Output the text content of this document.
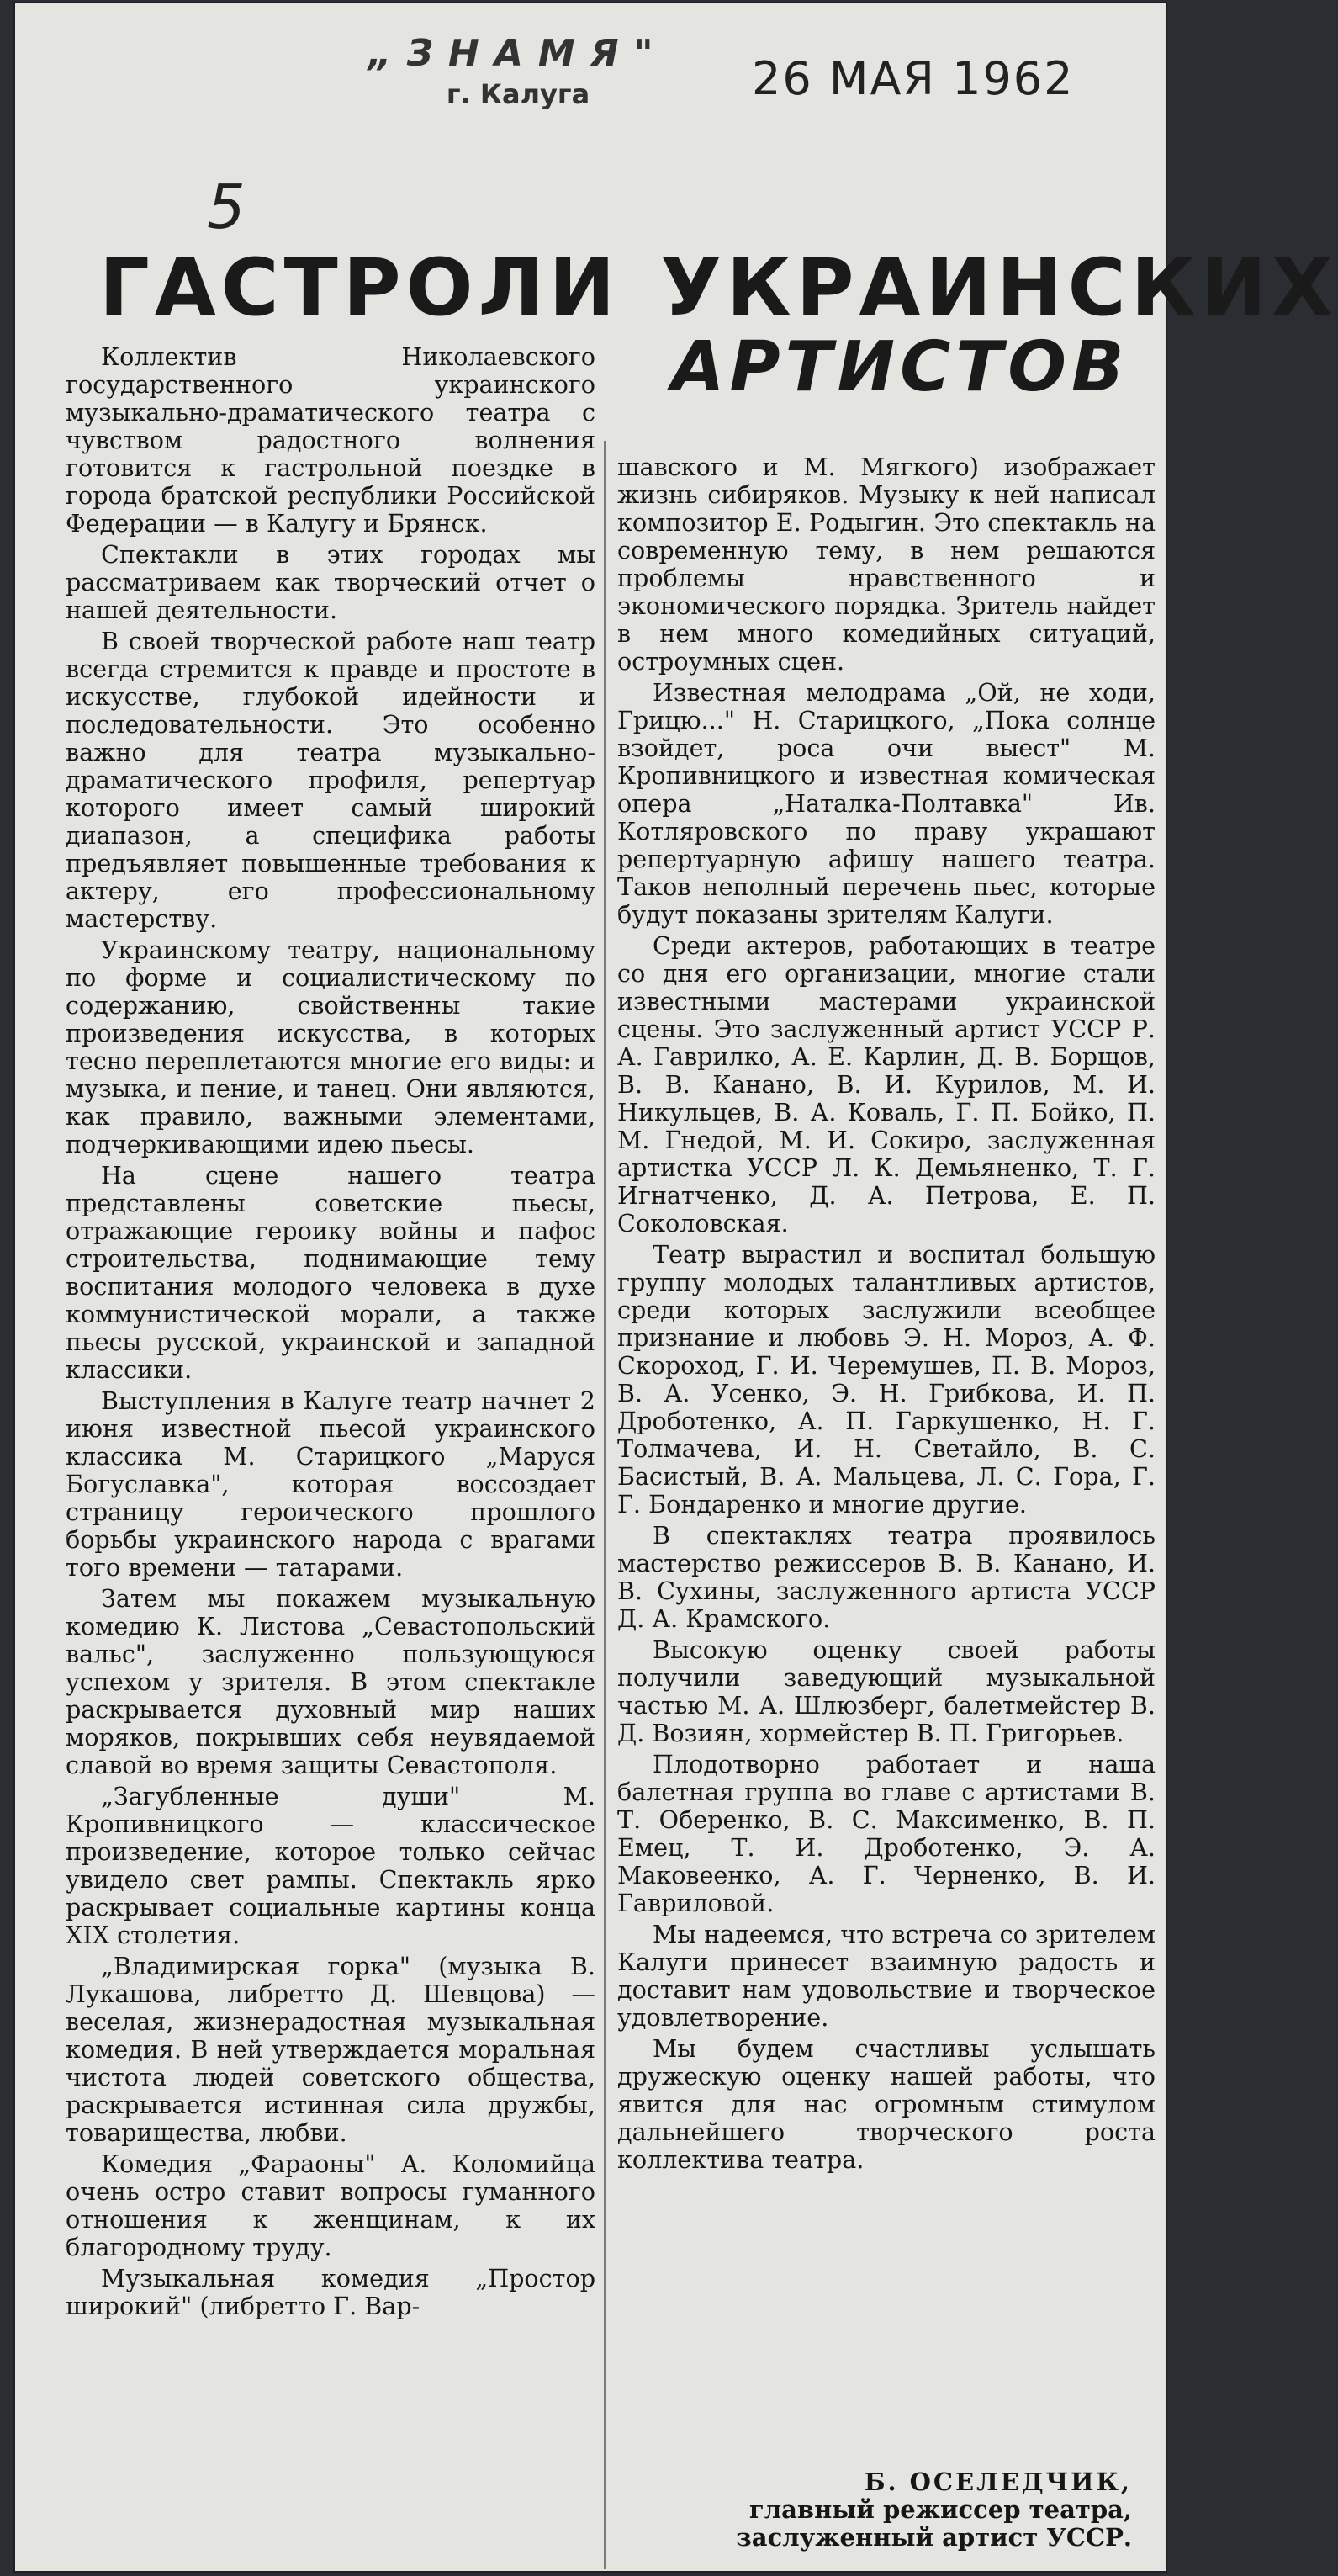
„ЗНАМЯ"
г. Калуга	26 МАЯ 1962
5
ГАСТРОЛИ УКРАИНСКИХ
АРТИСТОВ

Коллектив Николаевского государственного украинского музыкально-драматического театра с чувством радостного волнения готовится к гастрольной поездке в города братской республики Российской Федерации — в Калугу и Брянск.

Спектакли в этих городах мы рассматриваем как творческий отчет о нашей деятельности.

В своей творческой работе наш театр всегда стремится к правде и простоте в искусстве, глубокой идейности и последовательности. Это особенно важно для театра музыкально-драматического профиля, репертуар которого имеет самый широкий диапазон, а специфика работы предъявляет повышенные требования к актеру, его профессиональному мастерству.

Украинскому театру, национальному по форме и социалистическому по содержанию, свойственны такие произведения искусства, в которых тесно переплетаются многие его виды: и музыка, и пение, и танец. Они являются, как правило, важными элементами, подчеркивающими идею пьесы.

На сцене нашего театра представлены советские пьесы, отражающие героику войны и пафос строительства, поднимающие тему воспитания молодого человека в духе коммунистической морали, а также пьесы русской, украинской и западной классики.

Выступления в Калуге театр начнет 2 июня известной пьесой украинского классика М. Старицкого „Маруся Богуславка", которая воссоздает страницу героического прошлого борьбы украинского народа с врагами того времени — татарами.

Затем мы покажем музыкальную комедию К. Листова „Севастопольский вальс", заслуженно пользующуюся успехом у зрителя. В этом спектакле раскрывается духовный мир наших моряков, покрывших себя неувядаемой славой во время защиты Севастополя.

„Загубленные души" М. Кропивницкого — классическое произведение, которое только сейчас увидело свет рампы. Спектакль ярко раскрывает социальные картины конца XIX столетия.

„Владимирская горка" (музыка В. Лукашова, либретто Д. Шевцова) — веселая, жизнерадостная музыкальная комедия. В ней утверждается моральная чистота людей советского общества, раскрывается истинная сила дружбы, товарищества, любви.

Комедия „Фараоны" А. Коломийца очень остро ставит вопросы гуманного отношения к женщинам, к их благородному труду.

Музыкальная комедия „Простор широкий" (либретто Г. Вар-

шавского и М. Мягкого) изображает жизнь сибиряков. Музыку к ней написал композитор Е. Родыгин. Это спектакль на современную тему, в нем решаются проблемы нравственного и экономического порядка. Зритель найдет в нем много комедийных ситуаций, остроумных сцен.

Известная мелодрама „Ой, не ходи, Грицю..." Н. Старицкого, „Пока солнце взойдет, роса очи выест" М. Кропивницкого и известная комическая опера „Наталка-Полтавка" Ив. Котляровского по праву украшают репертуарную афишу нашего театра. Таков неполный перечень пьес, которые будут показаны зрителям Калуги.

Среди актеров, работающих в театре со дня его организации, многие стали известными мастерами украинской сцены. Это заслуженный артист УССР Р. А. Гаврилко, А. Е. Карлин, Д. В. Борщов, В. В. Канано, В. И. Курилов, М. И. Никульцев, В. А. Коваль, Г. П. Бойко, П. М. Гнедой, М. И. Сокиро, заслуженная артистка УССР Л. К. Демьяненко, Т. Г. Игнатченко, Д. А. Петрова, Е. П. Соколовская.

Театр вырастил и воспитал большую группу молодых талантливых артистов, среди которых заслужили всеобщее признание и любовь Э. Н. Мороз, А. Ф. Скороход, Г. И. Черемушев, П. В. Мороз, В. А. Усенко, Э. Н. Грибкова, И. П. Дроботенко, А. П. Гаркушенко, Н. Г. Толмачева, И. Н. Светайло, В. С. Басистый, В. А. Мальцева, Л. С. Гора, Г. Г. Бондаренко и многие другие.

В спектаклях театра проявилось мастерство режиссеров В. В. Канано, И. В. Сухины, заслуженного артиста УССР Д. А. Крамского.

Высокую оценку своей работы получили заведующий музыкальной частью М. А. Шлюзберг, балетмейстер В. Д. Возиян, хормейстер В. П. Григорьев.

Плодотворно работает и наша балетная группа во главе с артистами В. Т. Оберенко, В. С. Максименко, В. П. Емец, Т. И. Дроботенко, Э. А. Маковеенко, А. Г. Черненко, В. И. Гавриловой.

Мы надеемся, что встреча со зрителем Калуги принесет взаимную радость и доставит нам удовольствие и творческое удовлетворение.

Мы будем счастливы услышать дружескую оценку нашей работы, что явится для нас огромным стимулом дальнейшего творческого роста коллектива театра.

Б. ОСЕЛЕДЧИК,
главный режиссер театра,
заслуженный артист УССР.
